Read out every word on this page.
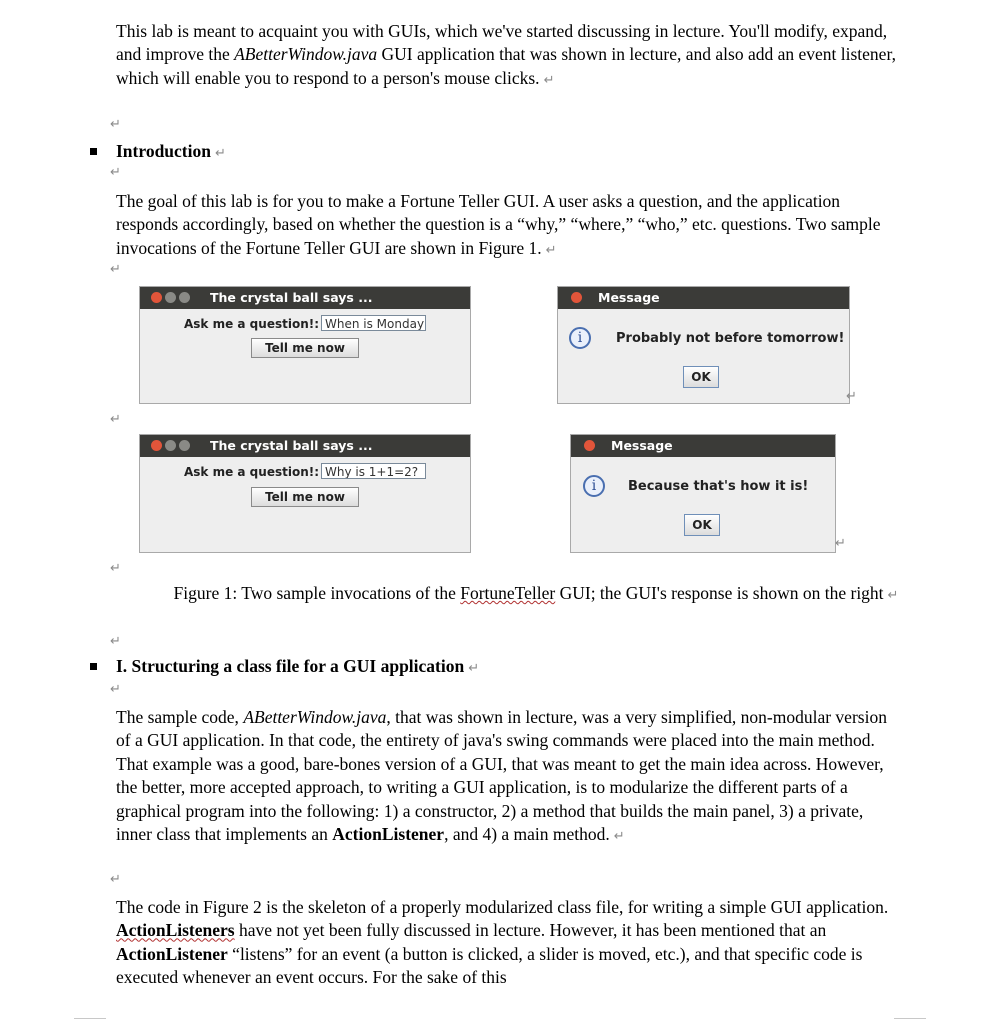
This lab is meant to acquaint you with GUIs, which we've started discussing in lecture. You'll modify, expand, and improve the ABetterWindow.java GUI application that was shown in lecture, and also add an event listener, which will enable you to respond to a person's mouse clicks. ↵
↵
Introduction ↵
↵
The goal of this lab is for you to make a Fortune Teller GUI. A user asks a question, and the application responds accordingly, based on whether the question is a “why,” “where,” “who,” etc. questions. Two sample invocations of the Fortune Teller GUI are shown in Figure 1. ↵
↵
The crystal ball says ...
Ask me a question!: When is Monday
Tell me now
Message
i	Probably not before tomorrow!
OK
↵
↵
The crystal ball says ...
Ask me a question!: Why is 1+1=2?
Tell me now
Message
i	Because that's how it is!
OK
↵
↵
Figure 1: Two sample invocations of the FortuneTeller GUI; the GUI's response is shown on the right ↵
↵
I. Structuring a class file for a GUI application ↵
↵
The sample code, ABetterWindow.java, that was shown in lecture, was a very simplified, non-modular version of a GUI application. In that code, the entirety of java's swing commands were placed into the main method. That example was a good, bare-bones version of a GUI, that was meant to get the main idea across. However, the better, more accepted approach, to writing a GUI application, is to modularize the different parts of a graphical program into the following: 1) a constructor, 2) a method that builds the main panel, 3) a private, inner class that implements an ActionListener, and 4) a main method. ↵
↵
The code in Figure 2 is the skeleton of a properly modularized class file, for writing a simple GUI application. ActionListeners have not yet been fully discussed in lecture. However, it has been mentioned that an ActionListener “listens” for an event (a button is clicked, a slider is moved, etc.), and that specific code is executed whenever an event occurs. For the sake of this
